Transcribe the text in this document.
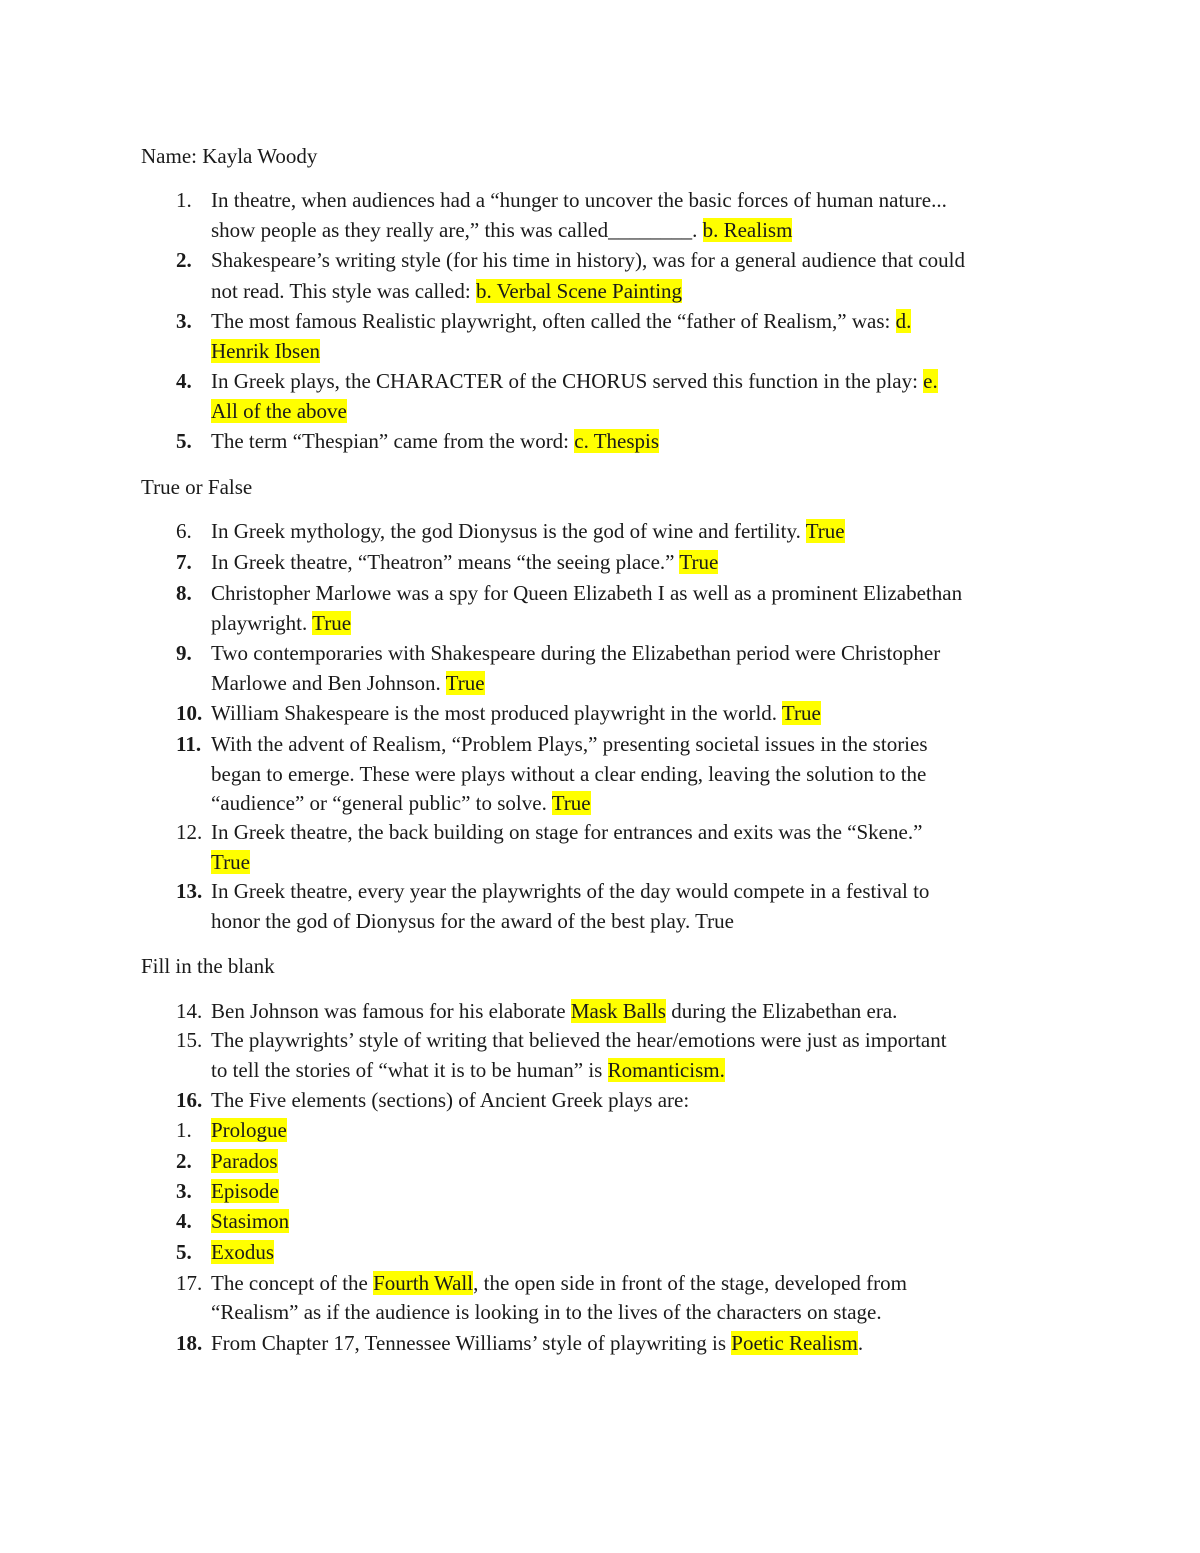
Name: Kayla Woody
1. In theatre, when audiences had a “hunger to uncover the basic forces of human nature...
show people as they really are,” this was called________. b. Realism
2. Shakespeare’s writing style (for his time in history), was for a general audience that could
not read. This style was called: b. Verbal Scene Painting
3. The most famous Realistic playwright, often called the “father of Realism,” was: d.
Henrik Ibsen
4. In Greek plays, the CHARACTER of the CHORUS served this function in the play: e.
All of the above
5. The term “Thespian” came from the word: c. Thespis
True or False
6. In Greek mythology, the god Dionysus is the god of wine and fertility. True
7. In Greek theatre, “Theatron” means “the seeing place.” True
8. Christopher Marlowe was a spy for Queen Elizabeth I as well as a prominent Elizabethan
playwright. True
9. Two contemporaries with Shakespeare during the Elizabethan period were Christopher
Marlowe and Ben Johnson. True
10. William Shakespeare is the most produced playwright in the world. True
11. With the advent of Realism, “Problem Plays,” presenting societal issues in the stories
began to emerge. These were plays without a clear ending, leaving the solution to the
“audience” or “general public” to solve. True
12. In Greek theatre, the back building on stage for entrances and exits was the “Skene.”
True
13. In Greek theatre, every year the playwrights of the day would compete in a festival to
honor the god of Dionysus for the award of the best play. True
Fill in the blank
14. Ben Johnson was famous for his elaborate Mask Balls during the Elizabethan era.
15. The playwrights’ style of writing that believed the hear/emotions were just as important
to tell the stories of “what it is to be human” is Romanticism.
16. The Five elements (sections) of Ancient Greek plays are:
1. Prologue
2. Parados
3. Episode
4. Stasimon
5. Exodus
17. The concept of the Fourth Wall, the open side in front of the stage, developed from
“Realism” as if the audience is looking in to the lives of the characters on stage.
18. From Chapter 17, Tennessee Williams’ style of playwriting is Poetic Realism.
